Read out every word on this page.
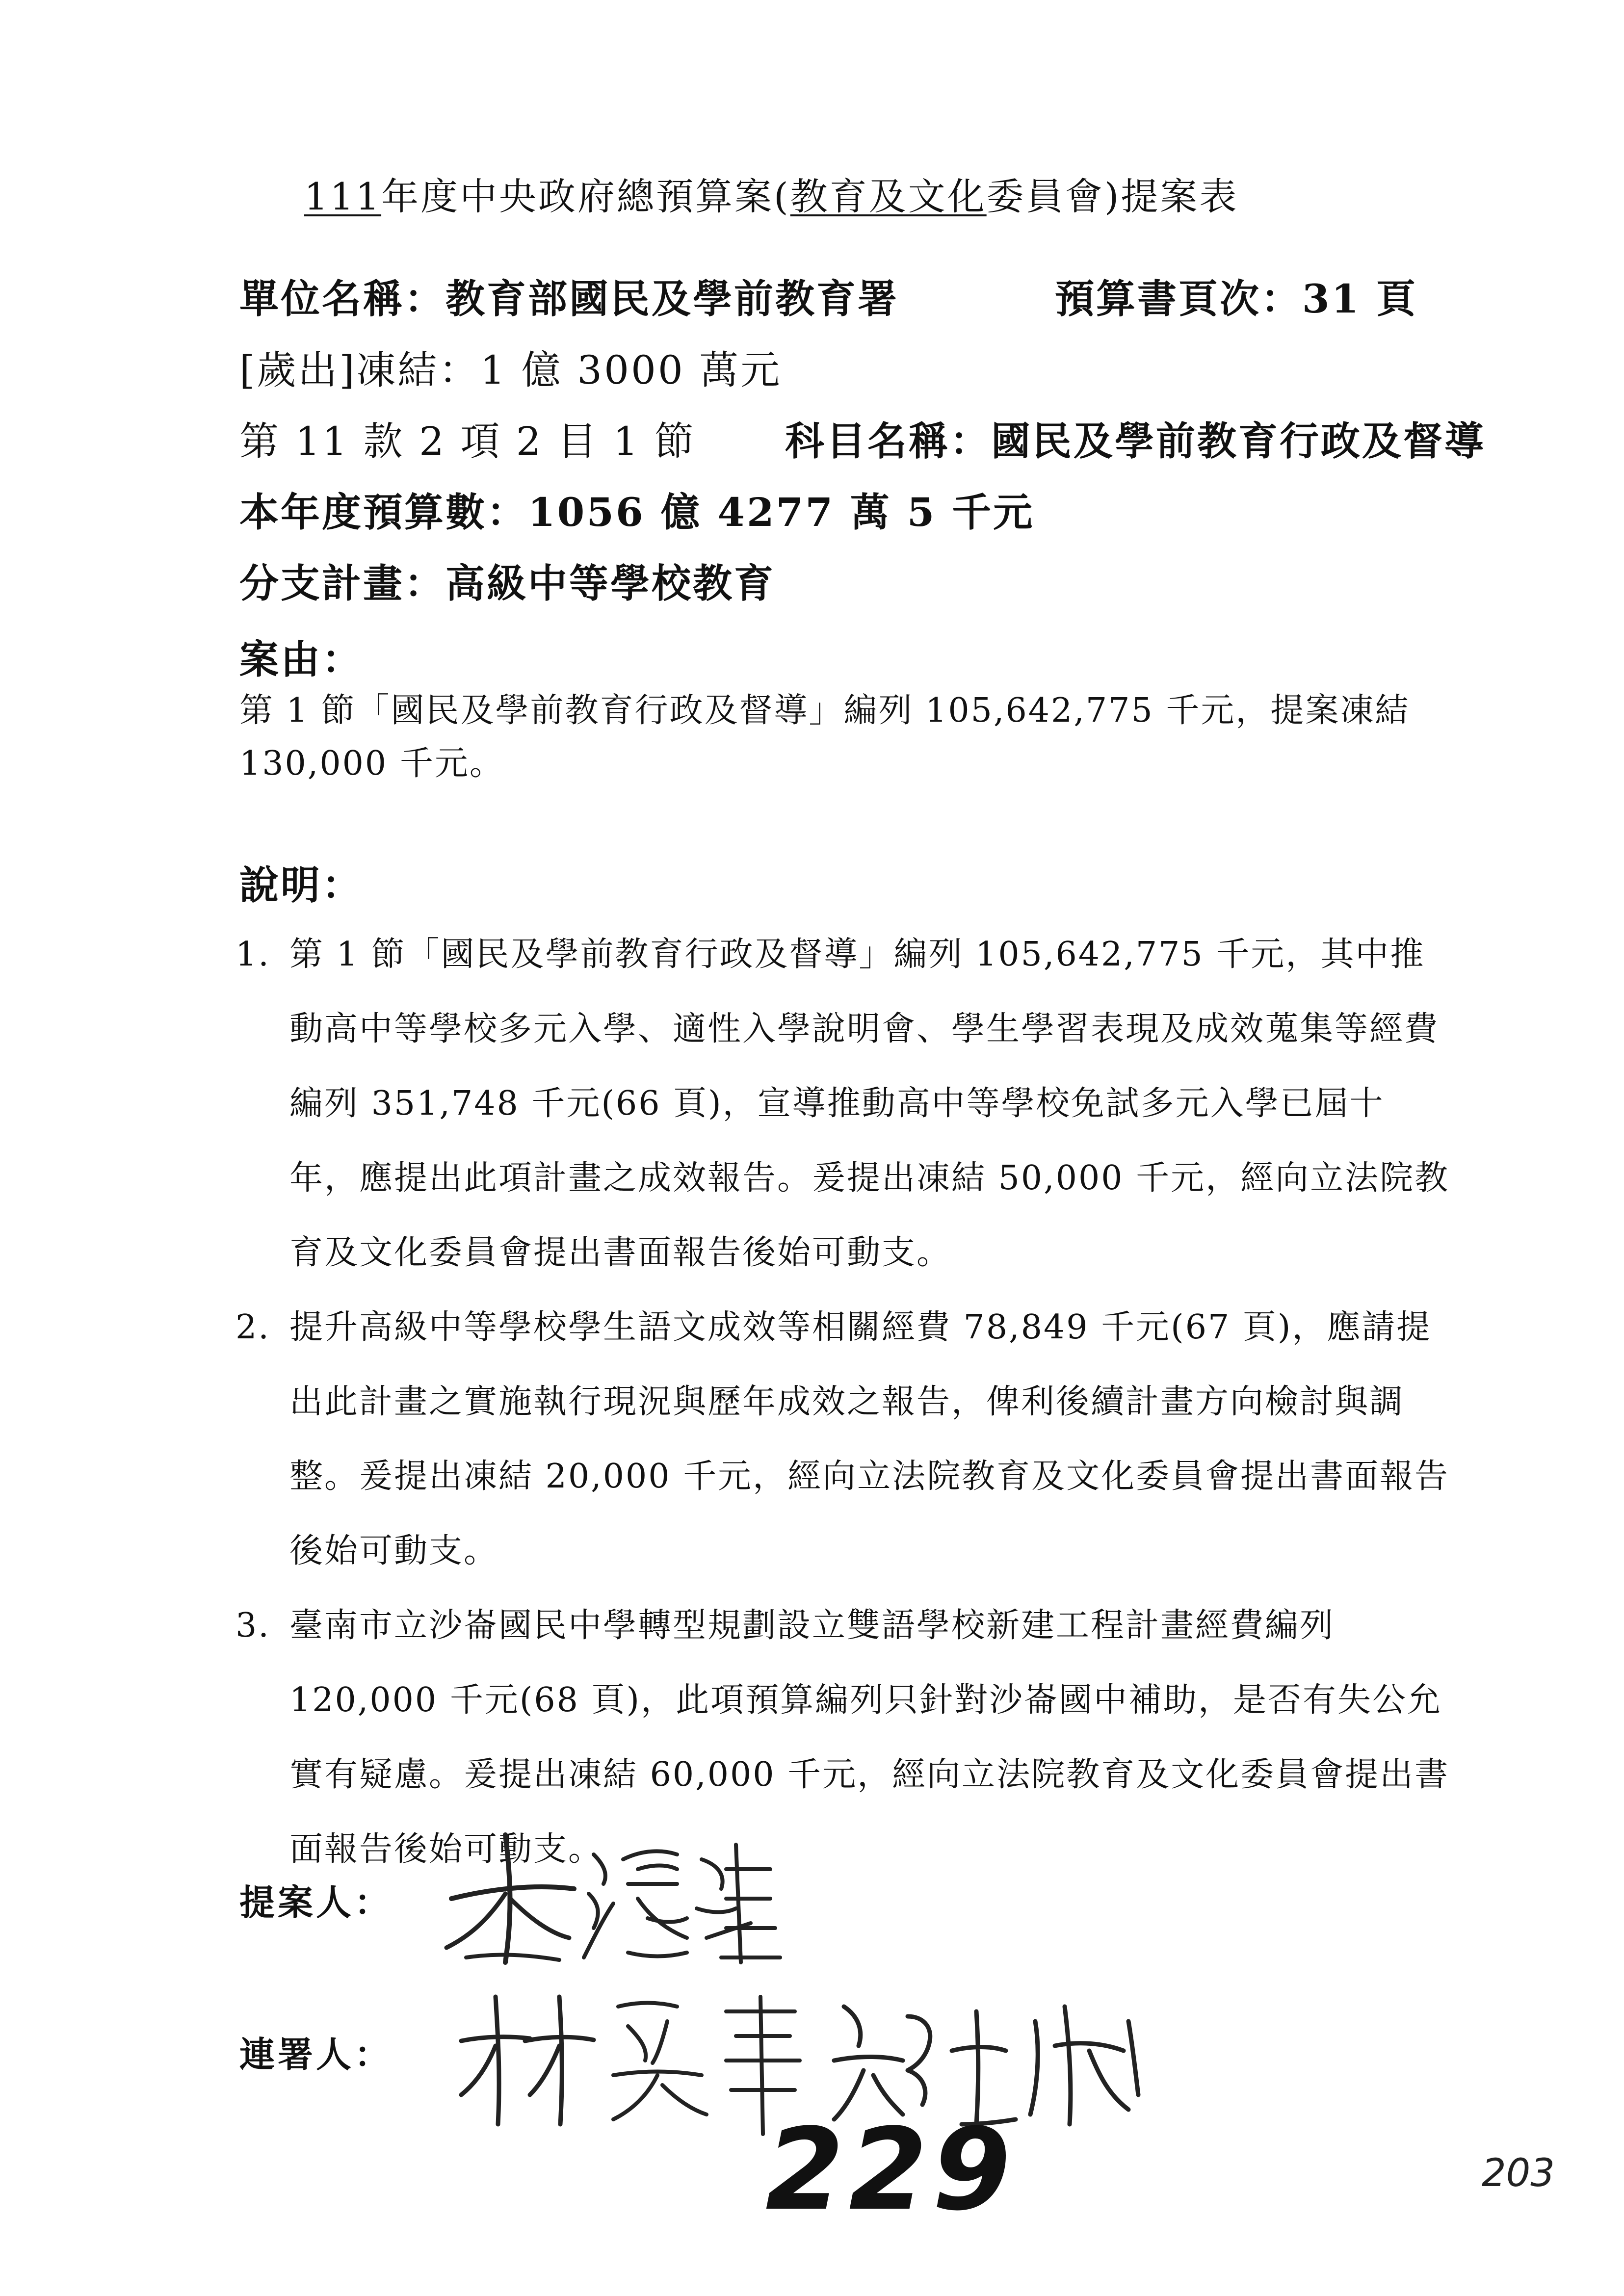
111年度中央政府總預算案(教育及文化委員會)提案表
單位名稱：教育部國民及學前教育署	預算書頁次：31 頁
[歲出]凍結：1 億 3000 萬元
第 11 款 2 項 2 目 1 節 科目名稱：國民及學前教育行政及督導
本年度預算數：1056 億 4277 萬 5 千元
分支計畫：高級中等學校教育
案由：

第 1 節「國民及學前教育行政及督導」編列 105,642,775 千元，提案凍結 130,000 千元。

說明：
1. 第 1 節「國民及學前教育行政及督導」編列 105,642,775 千元，其中推動高中等學校多元入學、適性入學說明會、學生學習表現及成效蒐集等經費編列 351,748 千元(66 頁)，宣導推動高中等學校免試多元入學已屆十年，應提出此項計畫之成效報告。爰提出凍結 50,000 千元，經向立法院教育及文化委員會提出書面報告後始可動支。
2. 提升高級中等學校學生語文成效等相關經費 78,849 千元(67 頁)，應請提出此計畫之實施執行現況與歷年成效之報告，俾利後續計畫方向檢討與調整。爰提出凍結 20,000 千元，經向立法院教育及文化委員會提出書面報告後始可動支。
3. 臺南市立沙崙國民中學轉型規劃設立雙語學校新建工程計畫經費編列 120,000 千元(68 頁)，此項預算編列只針對沙崙國中補助，是否有失公允實有疑慮。爰提出凍結 60,000 千元，經向立法院教育及文化委員會提出書面報告後始可動支。
提案人：
連署人：
229	203
